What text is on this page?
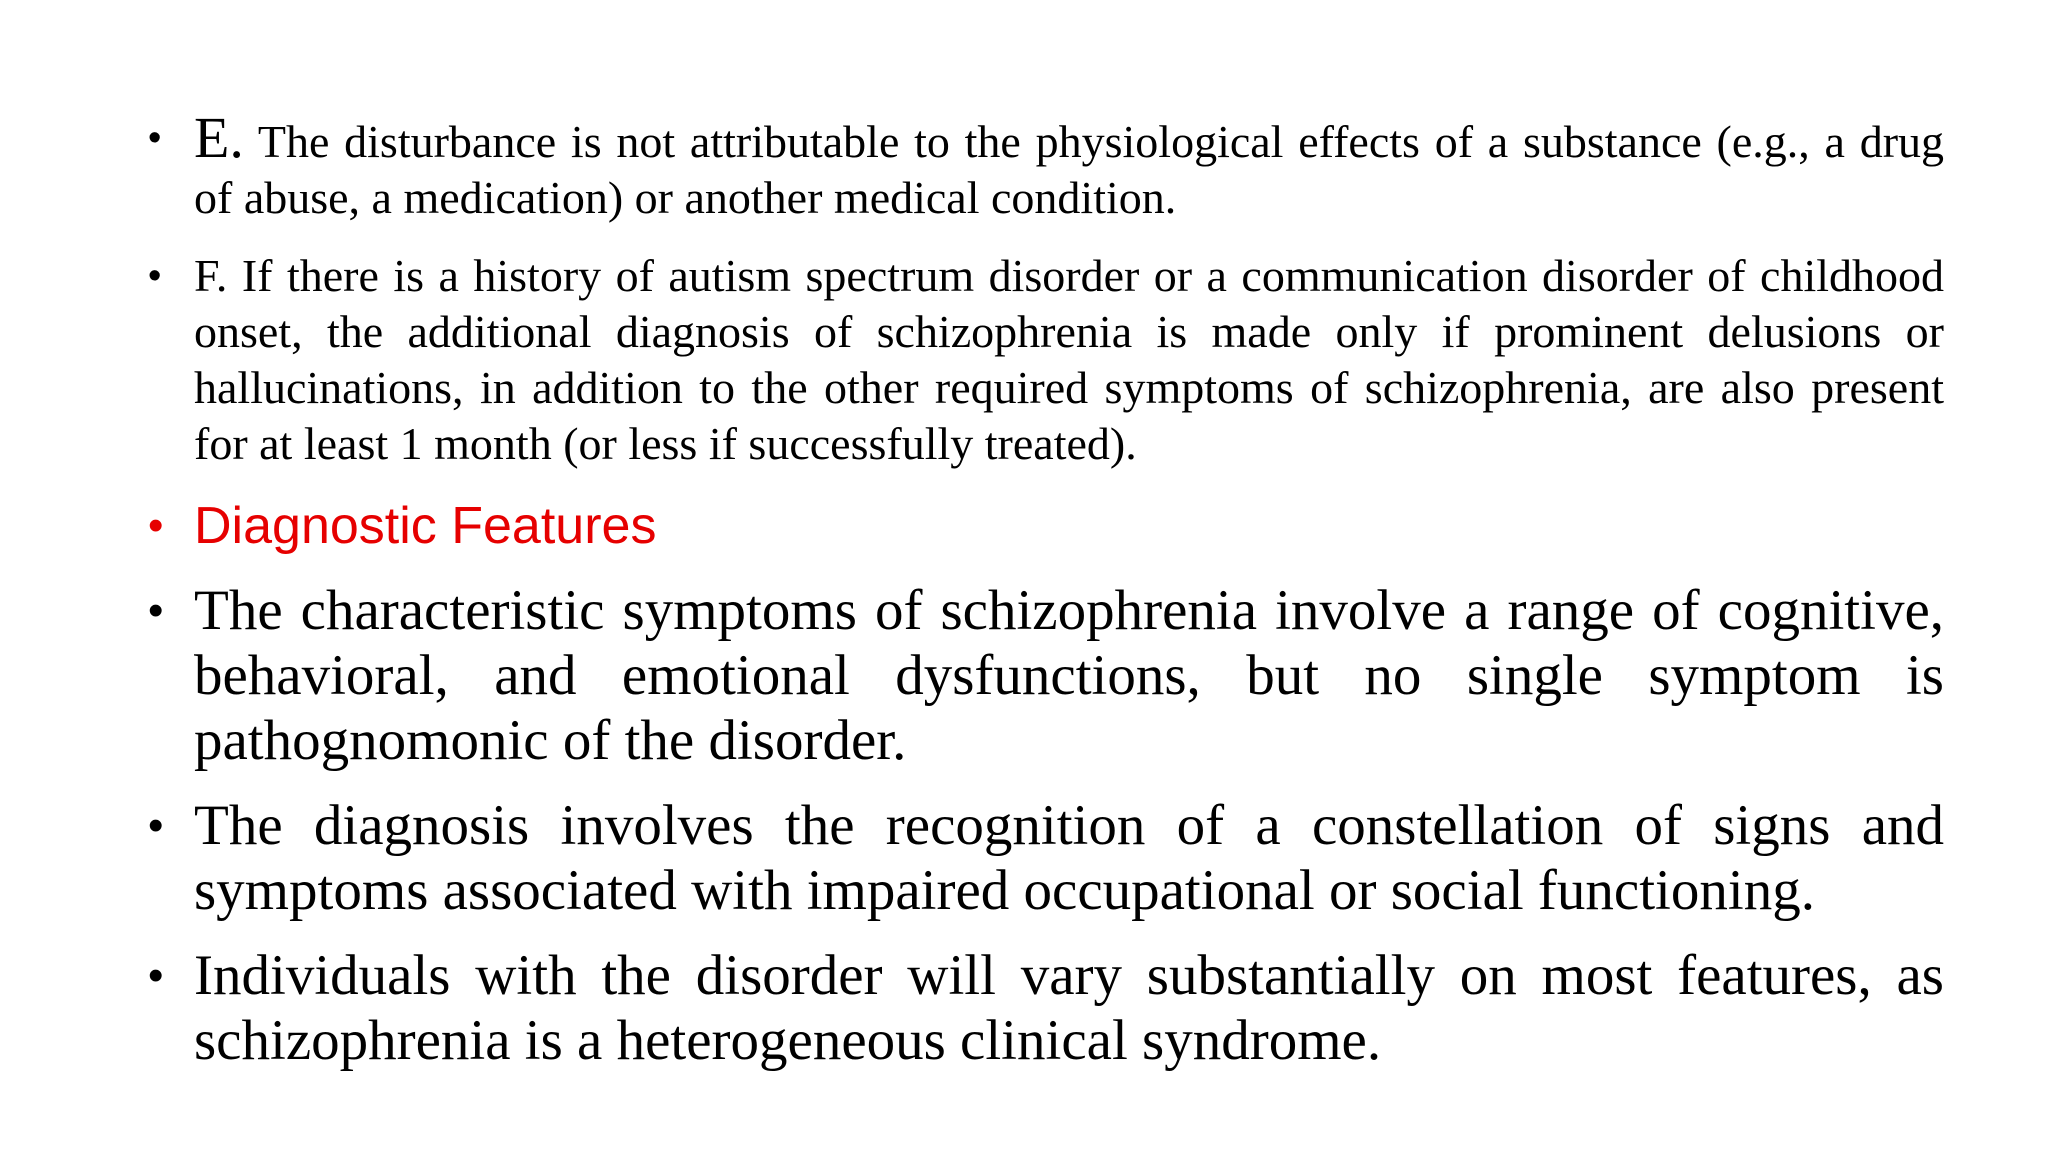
• E. The disturbance is not attributable to the physiological effects of a substance (e.g., a drug of abuse, a medication) or another medical condition.
• F. If there is a history of autism spectrum disorder or a communication disorder of childhood onset, the additional diagnosis of schizophrenia is made only if prominent delusions or hallucinations, in addition to the other required symptoms of schizophrenia, are also present for at least 1 month (or less if successfully treated).
• Diagnostic Features
• The characteristic symptoms of schizophrenia involve a range of cognitive, behavioral, and emotional dysfunctions, but no single symptom is pathognomonic of the disorder.
• The diagnosis involves the recognition of a constellation of signs and symptoms associated with impaired occupational or social functioning.
• Individuals with the disorder will vary substantially on most features, as schizophrenia is a heterogeneous clinical syndrome.
